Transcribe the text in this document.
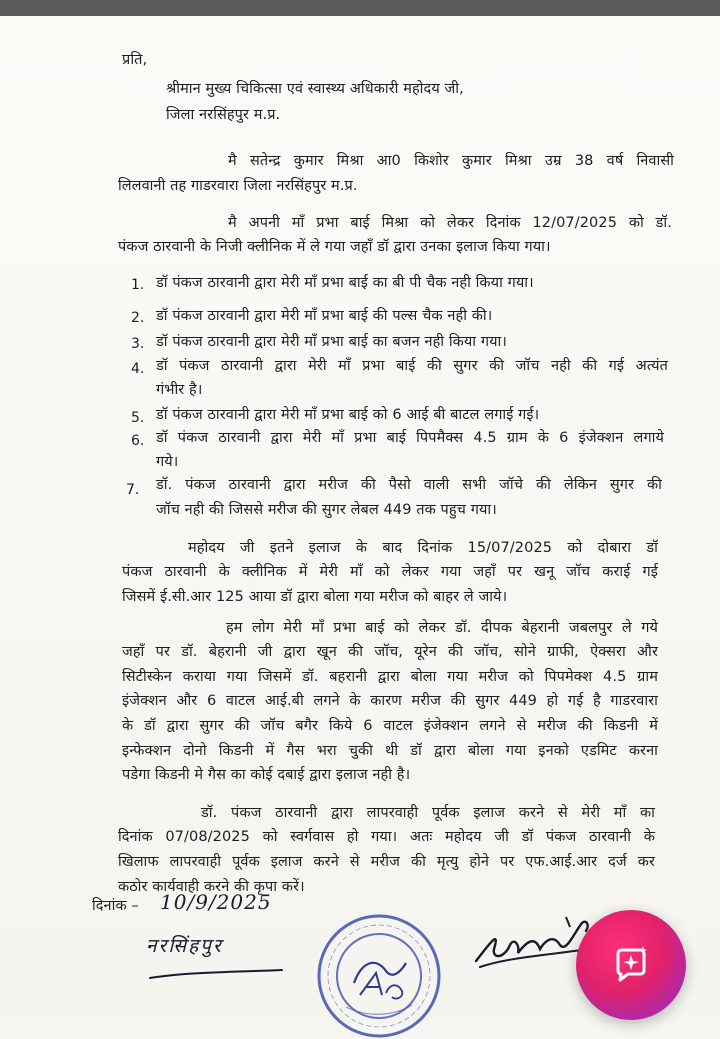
प्रति,
श्रीमान मुख्य चिकित्सा एवं स्वास्थ्य अधिकारी महोदय जी,
जिला नरसिंहपुर म.प्र.
मै सतेन्द्र कुमार मिश्रा आ0 किशोर कुमार मिश्रा उम्र 38 वर्ष निवासी
लिलवानी तह गाडरवारा जिला नरसिंहपुर म.प्र.
मै अपनी माँ प्रभा बाई मिश्रा को लेकर दिनांक 12/07/2025 को डॉ.
पंकज ठारवानी के निजी क्लीनिक में ले गया जहाँ डॉ द्वारा उनका इलाज किया गया।
1. डॉ पंकज ठारवानी द्वारा मेरी माँ प्रभा बाई का बी पी चैक नही किया गया।
2. डॉ पंकज ठारवानी द्वारा मेरी माँ प्रभा बाई की पल्स चैक नही की।
3. डॉ पंकज ठारवानी द्वारा मेरी माँ प्रभा बाई का बजन नही किया गया।
4. डॉ पंकज ठारवानी द्वारा मेरी माँ प्रभा बाई की सुगर की जॉच नही की गई अत्यंत
गंभीर है।
5. डॉ पंकज ठारवानी द्वारा मेरी माँ प्रभा बाई को 6 आई बी बाटल लगाई गई।
6. डॉ पंकज ठारवानी द्वारा मेरी माँ प्रभा बाई पिपमैक्स 4.5 ग्राम के 6 इंजेक्शन लगाये
गये।
7. डॉ. पंकज ठारवानी द्वारा मरीज की पैसो वाली सभी जॉचे की लेकिन सुगर की
जॉच नही की जिससे मरीज की सुगर लेबल 449 तक पहुच गया।
महोदय जी इतने इलाज के बाद दिनांक 15/07/2025 को दोबारा डॉ
पंकज ठारवानी के क्लीनिक में मेरी माँ को लेकर गया जहाँ पर खनू जॉच कराई गई
जिसमें ई.सी.आर 125 आया डॉ द्वारा बोला गया मरीज को बाहर ले जाये।
हम लोग मेरी माँ प्रभा बाई को लेकर डॉ. दीपक बेहरानी जबलपुर ले गये
जहाँ पर डॉ. बेहरानी जी द्वारा खून की जॉच, यूरेन की जॉच, सोने ग्राफी, ऐक्सरा और
सिटीस्केन कराया गया जिसमें डॉ. बहरानी द्वारा बोला गया मरीज को पिपमेक्श 4.5 ग्राम
इंजेक्शन और 6 वाटल आई.बी लगने के कारण मरीज की सुगर 449 हो गई है गाडरवारा
के डॉ द्वारा सुगर की जॉच बगैर किये 6 वाटल इंजेक्शन लगने से मरीज की किडनी में
इन्फेक्शन दोनो किडनी में गैस भरा चुकी थी डॉ द्वारा बोला गया इनको एडमिट करना
पडेगा किडनी मे गैस का कोई दबाई द्वारा इलाज नही है।
डॉ. पंकज ठारवानी द्वारा लापरवाही पूर्वक इलाज करने से मेरी माँ का
दिनांक 07/08/2025 को स्वर्गवास हो गया। अतः महोदय जी डॉ पंकज ठारवानी के
खिलाफ लापरवाही पूर्वक इलाज करने से मरीज की मृत्यु होने पर एफ.आई.आर दर्ज कर
कठोर कार्यवाही करने की कृपा करें।
दिनांक – 10/9/2025
नरसिंहपुर
